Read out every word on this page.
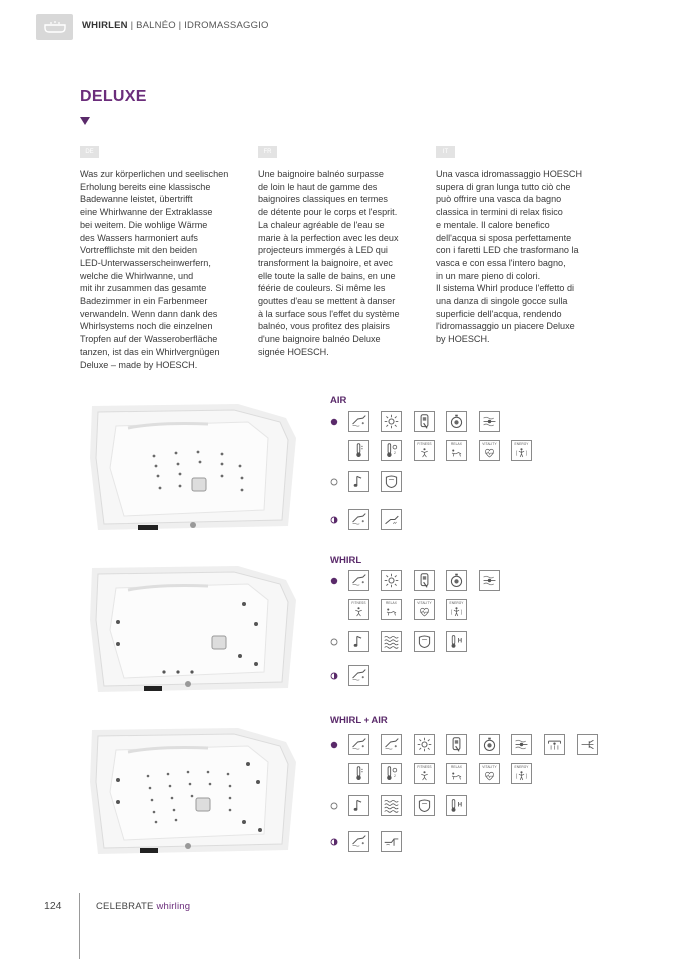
WHIRLEN | BALNÉO | IDROMASSAGGIO
DELUXE
DE	FR	IT
Was zur körperlichen und seelischen
Erholung bereits eine klassische
Badewanne leistet, übertrifft
eine Whirlwanne der Extraklasse
bei weitem. Die wohlige Wärme
des Wassers harmoniert aufs
Vortrefflichste mit den beiden
LED-Unterwasserscheinwerfern,
welche die Whirlwanne, und
mit ihr zusammen das gesamte
Badezimmer in ein Farbenmeer
verwandeln. Wenn dann dank des
Whirlsystems noch die einzelnen
Tropfen auf der Wasseroberfläche
tanzen, ist das ein Whirlvergnügen
Deluxe – made by HOESCH.
Une baignoire balnéo surpasse
de loin le haut de gamme des
baignoires classiques en termes
de détente pour le corps et l'esprit.
La chaleur agréable de l'eau se
marie à la perfection avec les deux
projecteurs immergés à LED qui
transforment la baignoire, et avec
elle toute la salle de bains, en une
féérie de couleurs. Si même les
gouttes d'eau se mettent à danser
à la surface sous l'effet du système
balnéo, vous profitez des plaisirs
d'une baignoire balnéo Deluxe
signée HOESCH.
Una vasca idromassaggio HOESCH
supera di gran lunga tutto ciò che
può offrire una vasca da bagno
classica in termini di relax fisico
e mentale. Il calore benefico
dell'acqua si sposa perfettamente
con i faretti LED che trasformano la
vasca e con essa l'intero bagno,
in un mare pieno di colori.
Il sistema Whirl produce l'effetto di
una danza di singole gocce sulla
superficie dell'acqua, rendendo
l'idromassaggio un piacere Deluxe
by HOESCH.
AIR
FITNESS	RELAX	VITALITY	ENERGY
WHIRL
FITNESS	RELAX	VITALITY	ENERGY
WHIRL + AIR
FITNESS	RELAX	VITALITY	ENERGY
124	CELEBRATE whirling
